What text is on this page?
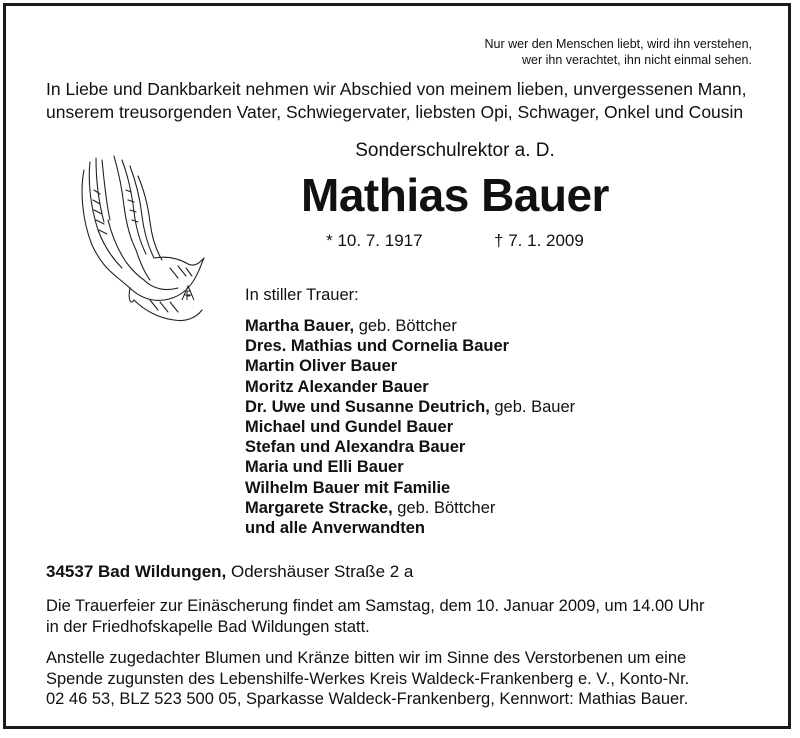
Nur wer den Menschen liebt, wird ihn verstehen,
wer ihn verachtet, ihn nicht einmal sehen.
In Liebe und Dankbarkeit nehmen wir Abschied von meinem lieben, unvergessenen Mann,
unserem treusorgenden Vater, Schwiegervater, liebsten Opi, Schwager, Onkel und Cousin
Sonderschulrektor a. D.
Mathias Bauer
* 10. 7. 1917	† 7. 1. 2009
In stiller Trauer:
Martha Bauer, geb. Böttcher
Dres. Mathias und Cornelia Bauer
Martin Oliver Bauer
Moritz Alexander Bauer
Dr. Uwe und Susanne Deutrich, geb. Bauer
Michael und Gundel Bauer
Stefan und Alexandra Bauer
Maria und Elli Bauer
Wilhelm Bauer mit Familie
Margarete Stracke, geb. Böttcher
und alle Anverwandten
34537 Bad Wildungen, Odershäuser Straße 2 a
Die Trauerfeier zur Einäscherung findet am Samstag, dem 10. Januar 2009, um 14.00 Uhr
in der Friedhofskapelle Bad Wildungen statt.
Anstelle zugedachter Blumen und Kränze bitten wir im Sinne des Verstorbenen um eine
Spende zugunsten des Lebenshilfe-Werkes Kreis Waldeck-Frankenberg e. V., Konto-Nr.
02 46 53, BLZ 523 500 05, Sparkasse Waldeck-Frankenberg, Kennwort: Mathias Bauer.
